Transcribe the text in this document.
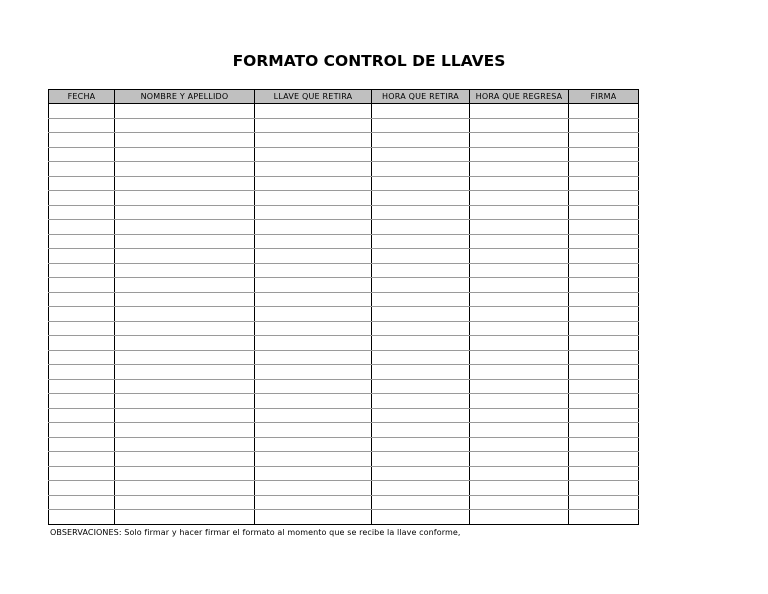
FORMATO CONTROL DE LLAVES
FECHA	NOMBRE Y APELLIDO	LLAVE QUE RETIRA	HORA QUE RETIRA	HORA QUE REGRESA	FIRMA

OBSERVACIONES: Solo firmar y hacer firmar el formato al momento que se recibe la llave conforme,
